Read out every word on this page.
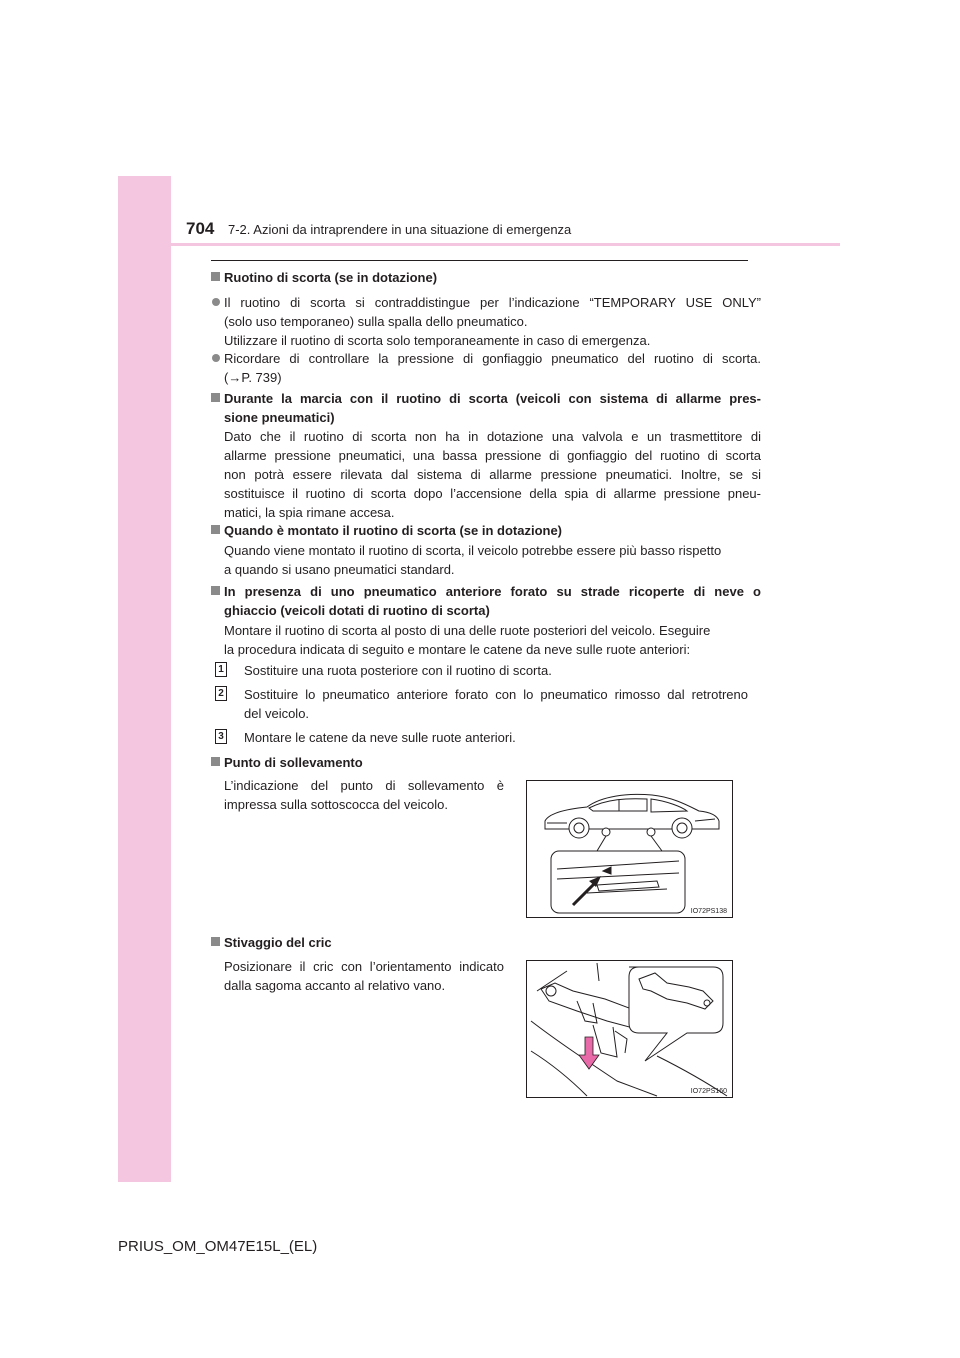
704 7-2. Azioni da intraprendere in una situazione di emergenza
Ruotino di scorta (se in dotazione)
Il ruotino di scorta si contraddistingue per l’indicazione “TEMPORARY USE ONLY”
(solo uso temporaneo) sulla spalla dello pneumatico.
Utilizzare il ruotino di scorta solo temporaneamente in caso di emergenza.
Ricordare di controllare la pressione di gonfiaggio pneumatico del ruotino di scorta.
(→P. 739)
Durante la marcia con il ruotino di scorta (veicoli con sistema di allarme pres-
sione pneumatici)
Dato che il ruotino di scorta non ha in dotazione una valvola e un trasmettitore di
allarme pressione pneumatici, una bassa pressione di gonfiaggio del ruotino di scorta
non potrà essere rilevata dal sistema di allarme pressione pneumatici. Inoltre, se si
sostituisce il ruotino di scorta dopo l’accensione della spia di allarme pressione pneu-
matici, la spia rimane accesa.
Quando è montato il ruotino di scorta (se in dotazione)
Quando viene montato il ruotino di scorta, il veicolo potrebbe essere più basso rispetto
a quando si usano pneumatici standard.
In presenza di uno pneumatico anteriore forato su strade ricoperte di neve o
ghiaccio (veicoli dotati di ruotino di scorta)
Montare il ruotino di scorta al posto di una delle ruote posteriori del veicolo. Eseguire
la procedura indicata di seguito e montare le catene da neve sulle ruote anteriori:
1	Sostituire una ruota posteriore con il ruotino di scorta.
2	Sostituire lo pneumatico anteriore forato con lo pneumatico rimosso dal retrotreno
del veicolo.
3	Montare le catene da neve sulle ruote anteriori.
Punto di sollevamento
L’indicazione del punto di sollevamento è
impressa sulla sottoscocca del veicolo.
IO72PS138
Stivaggio del cric
Posizionare il cric con l’orientamento indicato
dalla sagoma accanto al relativo vano.
IO72PS160
PRIUS_OM_OM47E15L_(EL)
